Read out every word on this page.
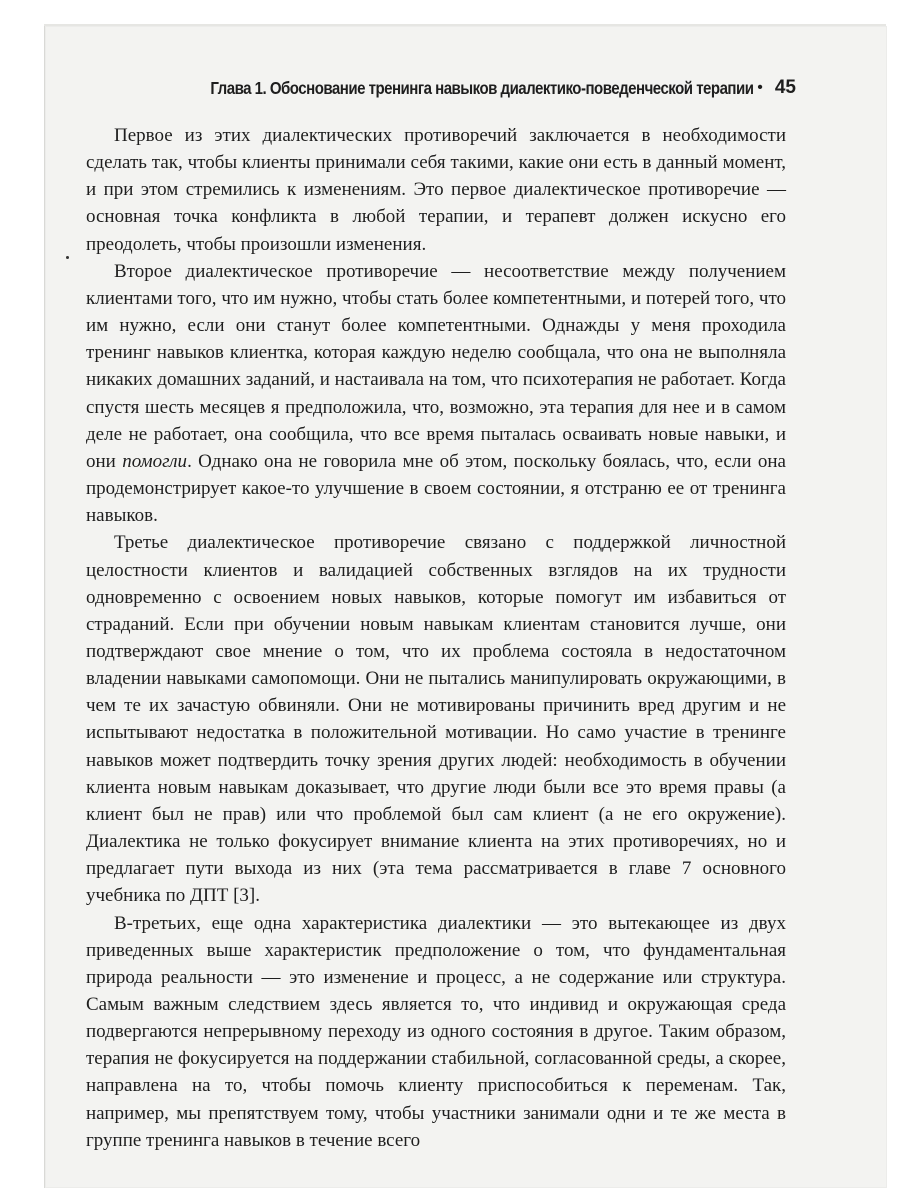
Глава 1. Обоснование тренинга навыков диалектико-поведенческой терапии • 45

Первое из этих диалектических противоречий заключается в необходимости сделать так, чтобы клиенты принимали себя такими, какие они есть в данный момент, и при этом стремились к изменениям. Это первое диалектическое противоречие — основная точка конфликта в любой терапии, и терапевт должен искусно его преодолеть, чтобы произошли изменения.

Второе диалектическое противоречие — несоответствие между получением клиентами того, что им нужно, чтобы стать более компетентными, и потерей того, что им нужно, если они станут более компетентными. Однажды у меня проходила тренинг навыков клиентка, которая каждую неделю сообщала, что она не выполняла никаких домашних заданий, и настаивала на том, что психотерапия не работает. Когда спустя шесть месяцев я предположила, что, возможно, эта терапия для нее и в самом деле не работает, она сообщила, что все время пыталась осваивать новые навыки, и они помогли. Однако она не говорила мне об этом, поскольку боялась, что, если она продемонстрирует какое-то улучшение в своем состоянии, я отстраню ее от тренинга навыков.

Третье диалектическое противоречие связано с поддержкой личностной целостности клиентов и валидацией собственных взглядов на их трудности одновременно с освоением новых навыков, которые помогут им избавиться от страданий. Если при обучении новым навыкам клиентам становится лучше, они подтверждают свое мнение о том, что их проблема состояла в недостаточном владении навыками самопомощи. Они не пытались манипулировать окружающими, в чем те их зачастую обвиняли. Они не мотивированы причинить вред другим и не испытывают недостатка в положительной мотивации. Но само участие в тренинге навыков может подтвердить точку зрения других людей: необходимость в обучении клиента новым навыкам доказывает, что другие люди были все это время правы (а клиент был не прав) или что проблемой был сам клиент (а не его окружение). Диалектика не только фокусирует внимание клиента на этих противоречиях, но и предлагает пути выхода из них (эта тема рассматривается в главе 7 основного учебника по ДПТ [3].

В-третьих, еще одна характеристика диалектики — это вытекающее из двух приведенных выше характеристик предположение о том, что фундаментальная природа реальности — это изменение и процесс, а не содержание или структура. Самым важным следствием здесь является то, что индивид и окружающая среда подвергаются непрерывному переходу из одного состояния в другое. Таким образом, терапия не фокусируется на поддержании стабильной, согласованной среды, а скорее, направлена на то, чтобы помочь клиенту приспособиться к переменам. Так, например, мы препятствуем тому, чтобы участники занимали одни и те же места в группе тренинга навыков в течение всего
